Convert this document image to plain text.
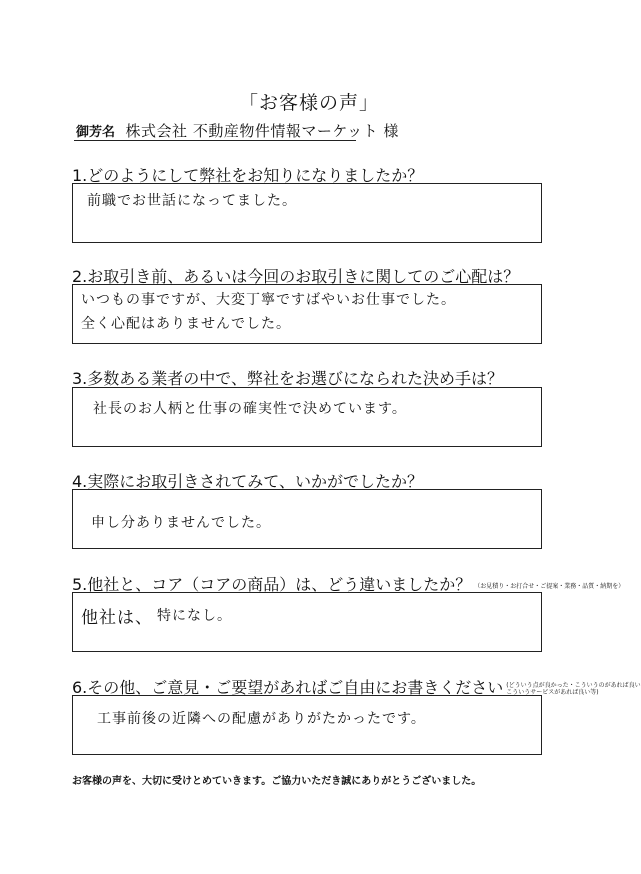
「お客様の声」
御芳名 株式会社 不動産物件情報マーケット 様
1.どのようにして弊社をお知りになりましたか？
前職でお世話になってました。
2.お取引き前、あるいは今回のお取引きに関してのご心配は？
いつもの事ですが、大変丁寧ですばやいお仕事でした。
全く心配はありませんでした。
3.多数ある業者の中で、弊社をお選びになられた決め手は？
社長のお人柄と仕事の確実性で決めています。
4.実際にお取引きされてみて、いかがでしたか？
申し分ありませんでした。
5.他社と、コア（コアの商品）は、どう違いましたか？ （お見積り・お打合せ・ご提案・業務・品質・納期を）
他社は、 特になし。
6.その他、ご意見・ご要望があればご自由にお書きください (どういう点が良かった・こういうのがあれば良い
こういうサービスがあれば良い等)
工事前後の近隣への配慮がありがたかったです。
お客様の声を、大切に受けとめていきます。ご協力いただき誠にありがとうございました。
